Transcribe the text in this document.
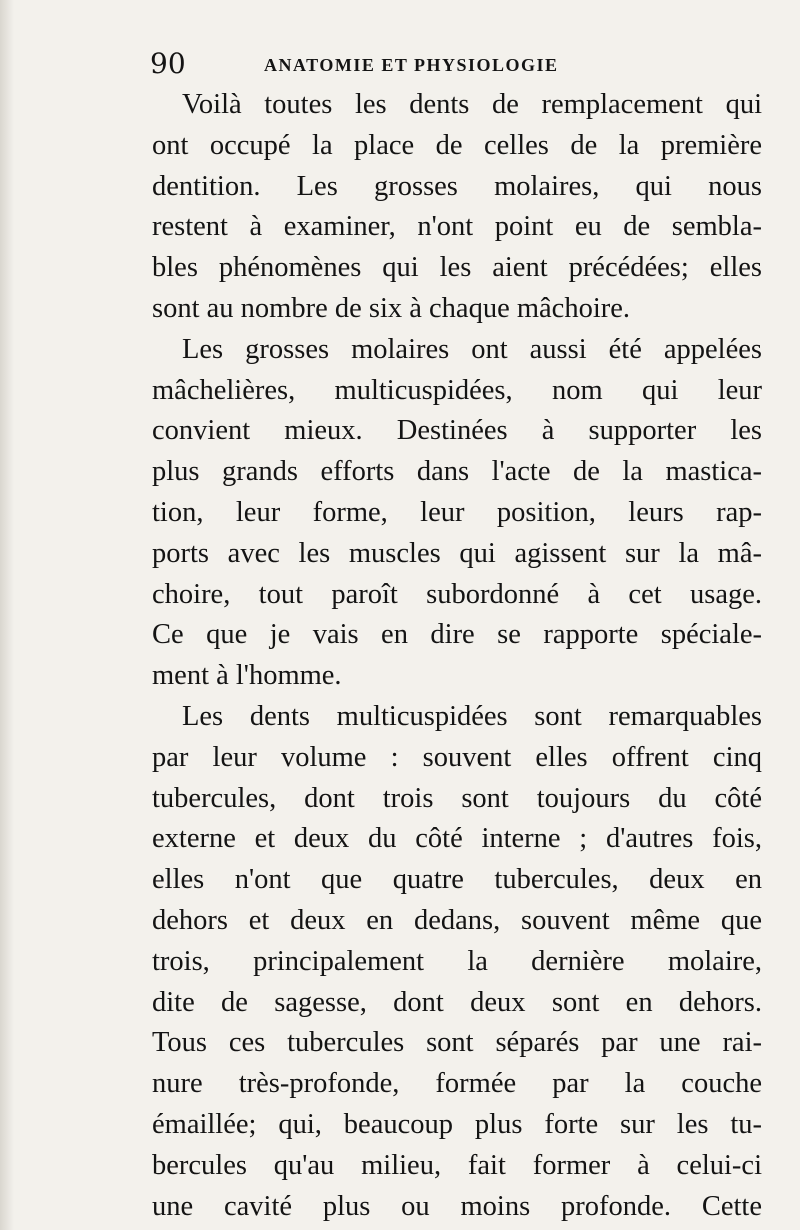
90	ANATOMIE ET PHYSIOLOGIE
Voilà toutes les dents de remplacement qui
ont occupé la place de celles de la première
dentition. Les grosses molaires, qui nous
restent à examiner, n'ont point eu de sembla-
bles phénomènes qui les aient précédées; elles
sont au nombre de six à chaque mâchoire.
Les grosses molaires ont aussi été appelées
mâchelières, multicuspidées, nom qui leur
convient mieux. Destinées à supporter les
plus grands efforts dans l'acte de la mastica-
tion, leur forme, leur position, leurs rap-
ports avec les muscles qui agissent sur la mâ-
choire, tout paroît subordonné à cet usage.
Ce que je vais en dire se rapporte spéciale-
ment à l'homme.
Les dents multicuspidées sont remarquables
par leur volume : souvent elles offrent cinq
tubercules, dont trois sont toujours du côté
externe et deux du côté interne ; d'autres fois,
elles n'ont que quatre tubercules, deux en
dehors et deux en dedans, souvent même que
trois, principalement la dernière molaire,
dite de sagesse, dont deux sont en dehors.
Tous ces tubercules sont séparés par une rai-
nure très-profonde, formée par la couche
émaillée; qui, beaucoup plus forte sur les tu-
bercules qu'au milieu, fait former à celui-ci
une cavité plus ou moins profonde. Cette
